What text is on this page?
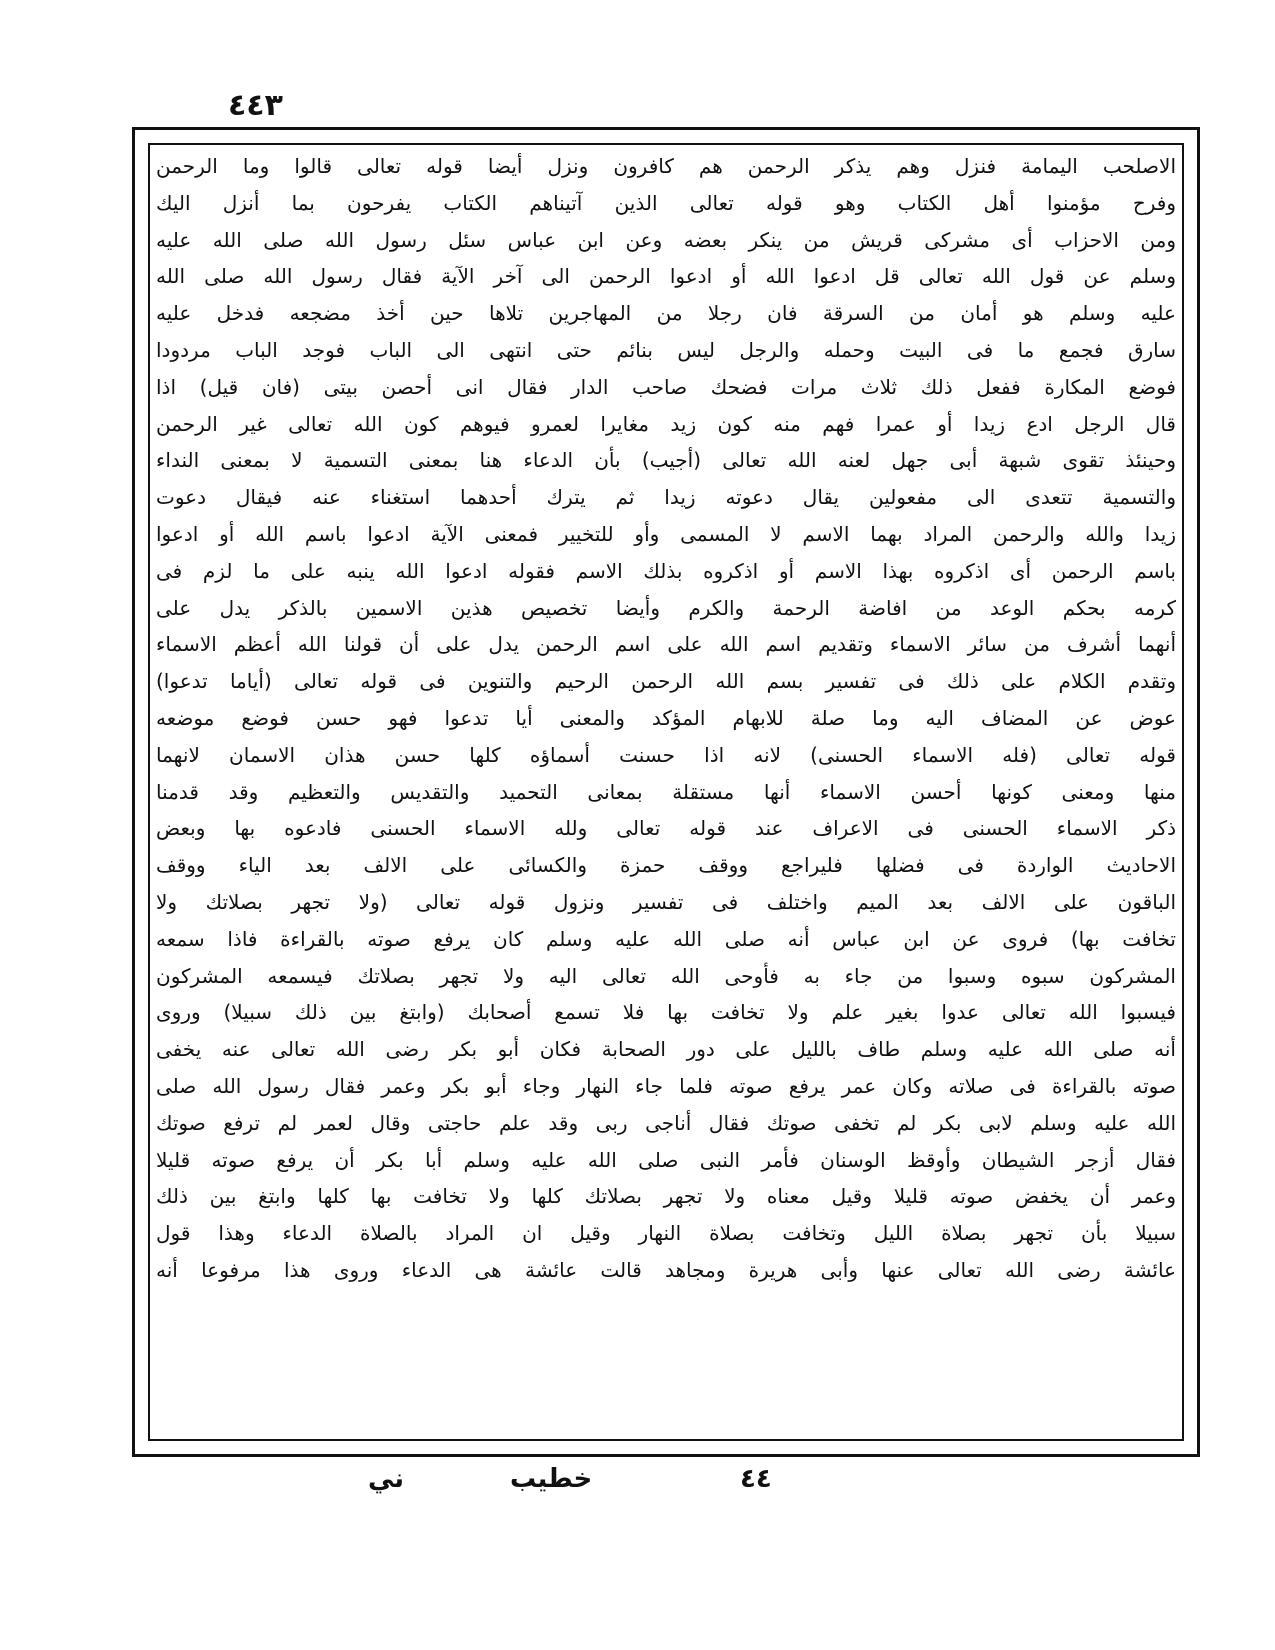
٤٤٣
الاصلحب اليمامة فنزل وهم يذكر الرحمن هم كافرون ونزل أيضا قوله تعالى قالوا وما الرحمن
وفرح مؤمنوا أهل الكتاب وهو قوله تعالى الذين آتيناهم الكتاب يفرحون بما أنزل اليك
ومن الاحزاب أى مشركى قريش من ينكر بعضه وعن ابن عباس سئل رسول الله صلى الله عليه
وسلم عن قول الله تعالى قل ادعوا الله أو ادعوا الرحمن الى آخر الآية فقال رسول الله صلى الله
عليه وسلم هو أمان من السرقة فان رجلا من المهاجرين تلاها حين أخذ مضجعه فدخل عليه
سارق فجمع ما فى البيت وحمله والرجل ليس بنائم حتى انتهى الى الباب فوجد الباب مردودا
فوضع المكارة ففعل ذلك ثلاث مرات فضحك صاحب الدار فقال انى أحصن بيتى (فان قيل) اذا
قال الرجل ادع زيدا أو عمرا فهم منه كون زيد مغايرا لعمرو فيوهم كون الله تعالى غير الرحمن
وحينئذ تقوى شبهة أبى جهل لعنه الله تعالى (أجيب) بأن الدعاء هنا بمعنى التسمية لا بمعنى النداء
والتسمية تتعدى الى مفعولين يقال دعوته زيدا ثم يترك أحدهما استغناء عنه فيقال دعوت
زيدا والله والرحمن المراد بهما الاسم لا المسمى وأو للتخيير فمعنى الآية ادعوا باسم الله أو ادعوا
باسم الرحمن أى اذكروه بهذا الاسم أو اذكروه بذلك الاسم فقوله ادعوا الله ينبه على ما لزم فى
كرمه بحكم الوعد من افاضة الرحمة والكرم وأيضا تخصيص هذين الاسمين بالذكر يدل على
أنهما أشرف من سائر الاسماء وتقديم اسم الله على اسم الرحمن يدل على أن قولنا الله أعظم الاسماء
وتقدم الكلام على ذلك فى تفسير بسم الله الرحمن الرحيم والتنوين فى قوله تعالى (أياما تدعوا)
عوض عن المضاف اليه وما صلة للابهام المؤكد والمعنى أيا تدعوا فهو حسن فوضع موضعه
قوله تعالى (فله الاسماء الحسنى) لانه اذا حسنت أسماؤه كلها حسن هذان الاسمان لانهما
منها ومعنى كونها أحسن الاسماء أنها مستقلة بمعانى التحميد والتقديس والتعظيم وقد قدمنا
ذكر الاسماء الحسنى فى الاعراف عند قوله تعالى ولله الاسماء الحسنى فادعوه بها وبعض
الاحاديث الواردة فى فضلها فليراجع ووقف حمزة والكسائى على الالف بعد الياء ووقف
الباقون على الالف بعد الميم واختلف فى تفسير ونزول قوله تعالى (ولا تجهر بصلاتك ولا
تخافت بها) فروى عن ابن عباس أنه صلى الله عليه وسلم كان يرفع صوته بالقراءة فاذا سمعه
المشركون سبوه وسبوا من جاء به فأوحى الله تعالى اليه ولا تجهر بصلاتك فيسمعه المشركون
فيسبوا الله تعالى عدوا بغير علم ولا تخافت بها فلا تسمع أصحابك (وابتغ بين ذلك سبيلا) وروى
أنه صلى الله عليه وسلم طاف بالليل على دور الصحابة فكان أبو بكر رضى الله تعالى عنه يخفى
صوته بالقراءة فى صلاته وكان عمر يرفع صوته فلما جاء النهار وجاء أبو بكر وعمر فقال رسول الله صلى
الله عليه وسلم لابى بكر لم تخفى صوتك فقال أناجى ربى وقد علم حاجتى وقال لعمر لم ترفع صوتك
فقال أزجر الشيطان وأوقظ الوسنان فأمر النبى صلى الله عليه وسلم أبا بكر أن يرفع صوته قليلا
وعمر أن يخفض صوته قليلا وقيل معناه ولا تجهر بصلاتك كلها ولا تخافت بها كلها وابتغ بين ذلك
سبيلا بأن تجهر بصلاة الليل وتخافت بصلاة النهار وقيل ان المراد بالصلاة الدعاء وهذا قول
عائشة رضى الله تعالى عنها وأبى هريرة ومجاهد قالت عائشة هى الدعاء وروى هذا مرفوعا أنه
٤٤
خطيب
ني
